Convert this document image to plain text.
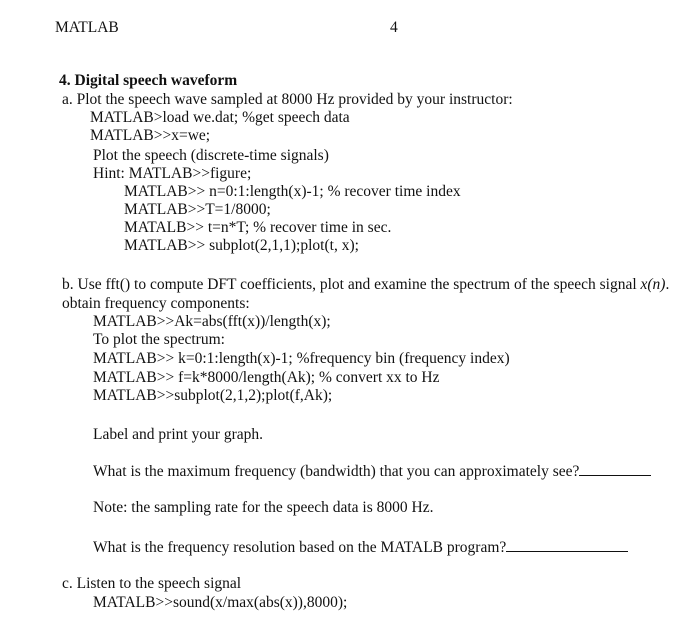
MATLAB	4
4. Digital speech waveform
a. Plot the speech wave sampled at 8000 Hz provided by your instructor:
MATLAB>load we.dat; %get speech data
MATLAB>>x=we;
Plot the speech (discrete-time signals)
Hint: MATLAB>>figure;
MATLAB>> n=0:1:length(x)-1; % recover time index
MATLAB>>T=1/8000;
MATALB>> t=n*T; % recover time in sec.
MATLAB>> subplot(2,1,1);plot(t, x);
b. Use fft() to compute DFT coefficients, plot and examine the spectrum of the speech signal x(n).
obtain frequency components:
MATLAB>>Ak=abs(fft(x))/length(x);
To plot the spectrum:
MATLAB>> k=0:1:length(x)-1; %frequency bin (frequency index)
MATLAB>> f=k*8000/length(Ak); % convert xx to Hz
MATLAB>>subplot(2,1,2);plot(f,Ak);
Label and print your graph.
What is the maximum frequency (bandwidth) that you can approximately see?
Note: the sampling rate for the speech data is 8000 Hz.
What is the frequency resolution based on the MATALB program?
c. Listen to the speech signal
MATALB>>sound(x/max(abs(x)),8000);
